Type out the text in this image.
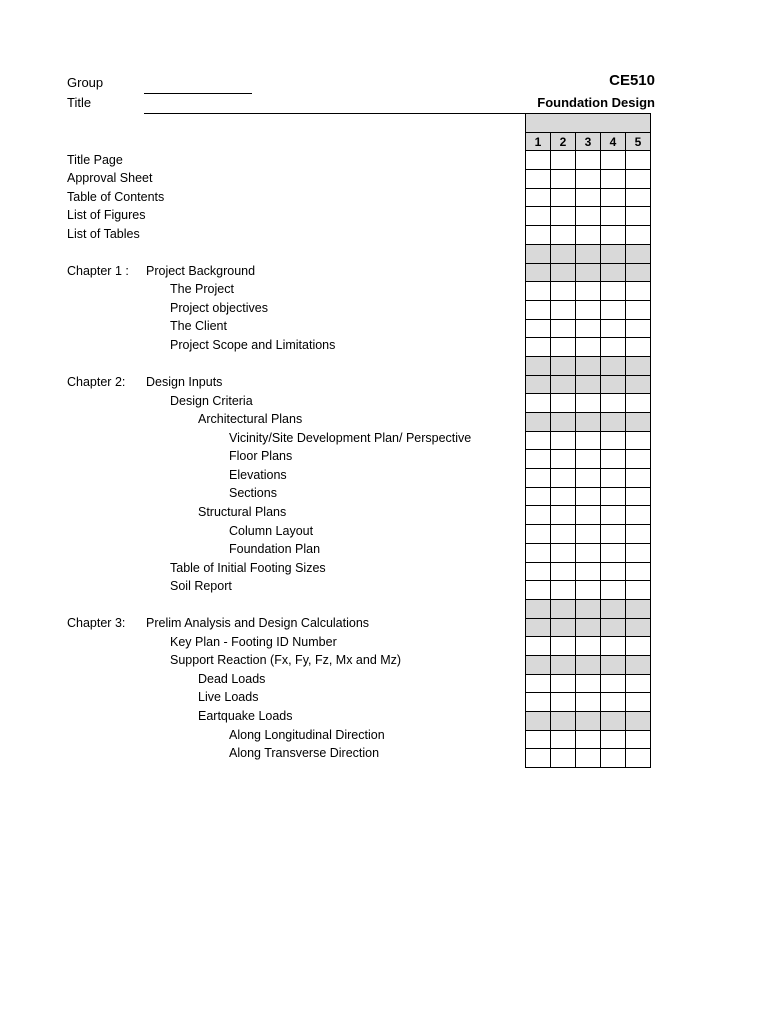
Group
Title
CE510
Foundation Design

1	2	3	4	5

Title Page
Approval Sheet
Table of Contents
List of Figures
List of Tables
Chapter 1 : Project Background
The Project
Project objectives
The Client
Project Scope and Limitations
Chapter 2: Design Inputs
Design Criteria
Architectural Plans
Vicinity/Site Development Plan/ Perspective
Floor Plans
Elevations
Sections
Structural Plans
Column Layout
Foundation Plan
Table of Initial Footing Sizes
Soil Report
Chapter 3: Prelim Analysis and Design Calculations
Key Plan - Footing ID Number
Support Reaction (Fx, Fy, Fz, Mx and Mz)
Dead Loads
Live Loads
Eartquake Loads
Along Longitudinal Direction
Along Transverse Direction
